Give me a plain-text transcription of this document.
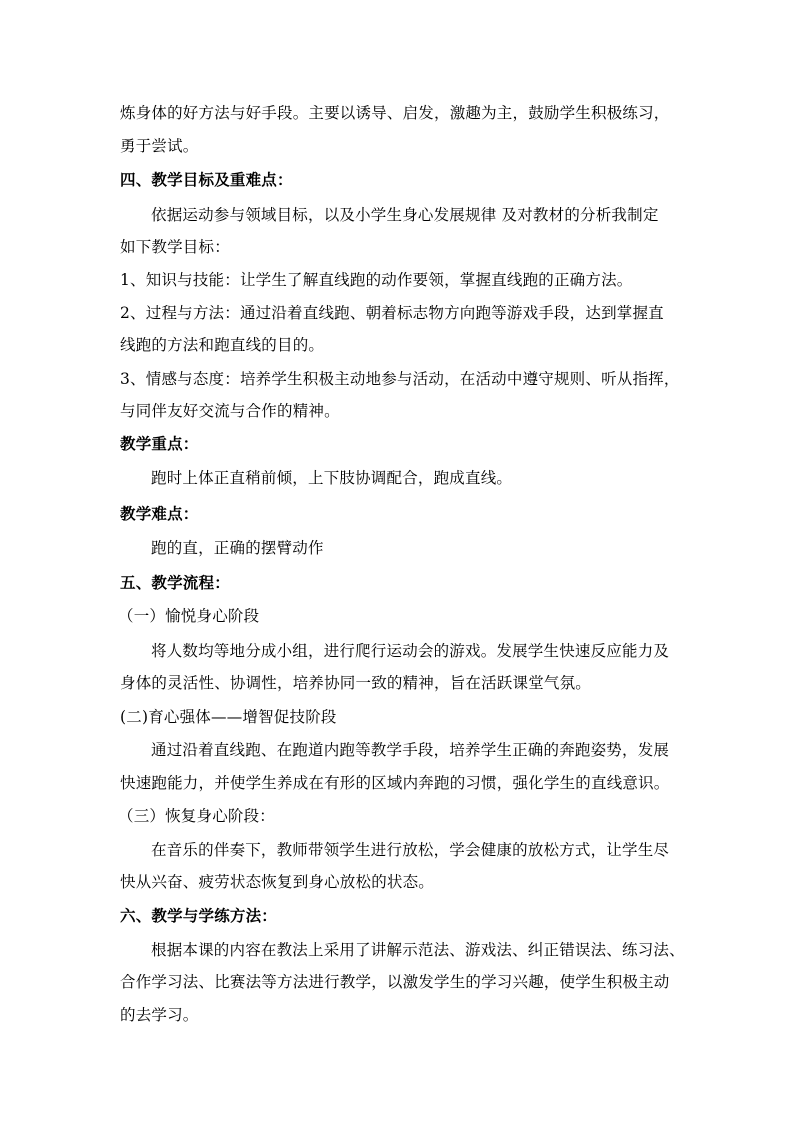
炼身体的好方法与好手段。主要以诱导、启发，激趣为主，鼓励学生积极练习，
勇于尝试。
四、教学目标及重难点：
依据运动参与领域目标，以及小学生身心发展规律 及对教材的分析我制定
如下教学目标：
1、知识与技能：让学生了解直线跑的动作要领，掌握直线跑的正确方法。
2、过程与方法：通过沿着直线跑、朝着标志物方向跑等游戏手段，达到掌握直
线跑的方法和跑直线的目的。
3、情感与态度：培养学生积极主动地参与活动，在活动中遵守规则、听从指挥，
与同伴友好交流与合作的精神。
教学重点：
跑时上体正直稍前倾，上下肢协调配合，跑成直线。
教学难点：
跑的直，正确的摆臂动作
五、教学流程：
（一）愉悦身心阶段
将人数均等地分成小组，进行爬行运动会的游戏。发展学生快速反应能力及
身体的灵活性、协调性，培养协同一致的精神，旨在活跃课堂气氛。
(二)育心强体——增智促技阶段
通过沿着直线跑、在跑道内跑等教学手段，培养学生正确的奔跑姿势，发展
快速跑能力，并使学生养成在有形的区域内奔跑的习惯，强化学生的直线意识。
（三）恢复身心阶段：
在音乐的伴奏下，教师带领学生进行放松，学会健康的放松方式，让学生尽
快从兴奋、疲劳状态恢复到身心放松的状态。
六、教学与学练方法：
根据本课的内容在教法上采用了讲解示范法、游戏法、纠正错误法、练习法、
合作学习法、比赛法等方法进行教学，以激发学生的学习兴趣，使学生积极主动
的去学习。
